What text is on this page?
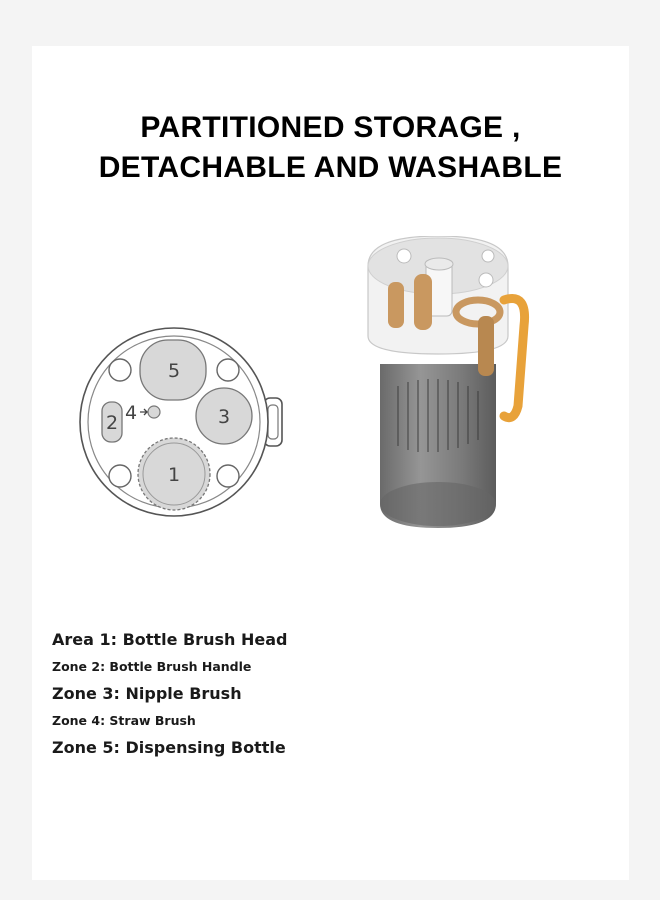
PARTITIONED STORAGE ,
DETACHABLE AND WASHABLE
5
2 4	3
1
Area 1: Bottle Brush Head
Zone 2: Bottle Brush Handle
Zone 3: Nipple Brush
Zone 4: Straw Brush
Zone 5: Dispensing Bottle
